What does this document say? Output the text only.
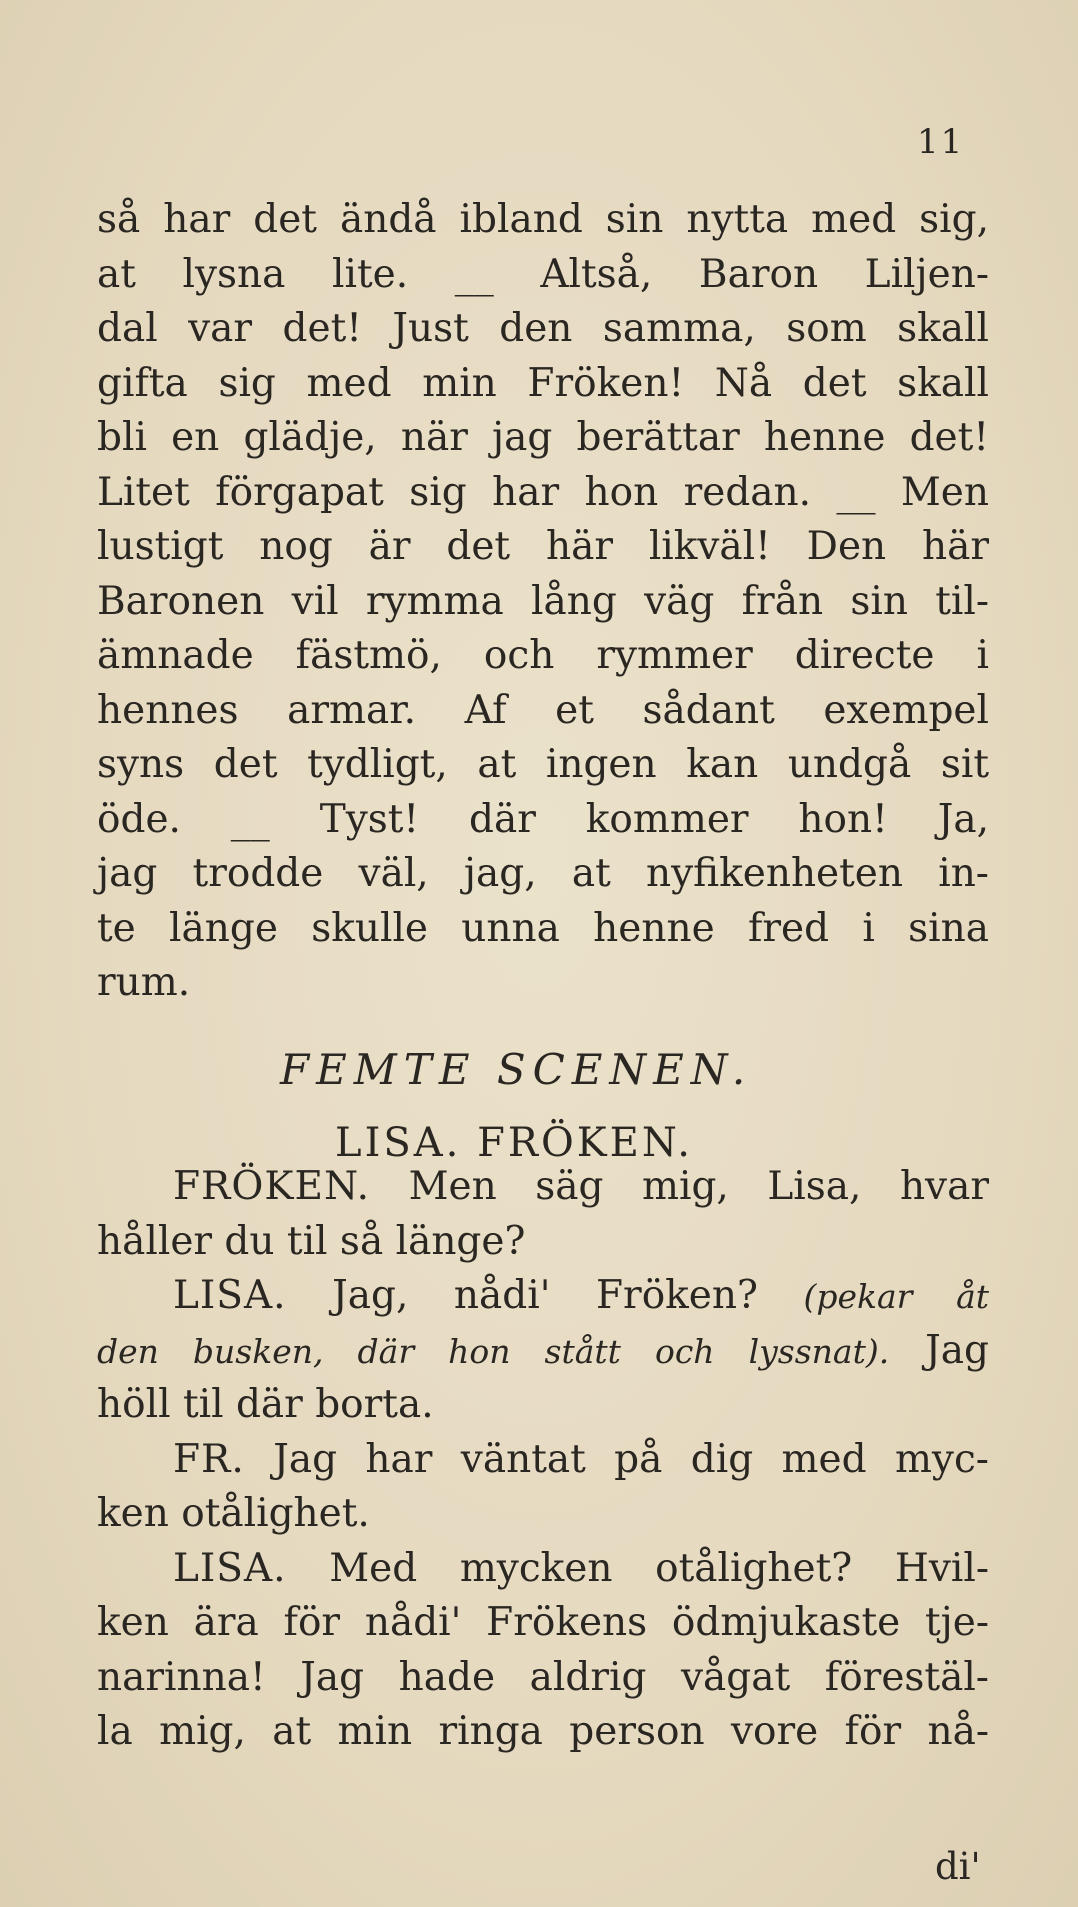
11
så har det ändå ibland sin nytta med sig,
at lysna lite. __ Altså, Baron Liljen-
dal var det! Just den samma, som skall
gifta sig med min Fröken! Nå det skall
bli en glädje, när jag berättar henne det!
Litet förgapat sig har hon redan. __ Men
lustigt nog är det här likväl! Den här
Baronen vil rymma lång väg från sin til-
ämnade fästmö, och rymmer directe i
hennes armar. Af et sådant exempel
syns det tydligt, at ingen kan undgå sit
öde. __ Tyst! där kommer hon! Ja,
jag trodde väl, jag, at nyfikenheten in-
te länge skulle unna henne fred i sina
rum.
FEMTE SCENEN.
LISA. FRÖKEN.
FRÖKEN. Men säg mig, Lisa, hvar
håller du til så länge?
LISA. Jag, nådi' Fröken? (pekar åt
den busken, där hon stått och lyssnat). Jag
höll til där borta.
FR. Jag har väntat på dig med myc-
ken otålighet.
LISA. Med mycken otålighet? Hvil-
ken ära för nådi' Frökens ödmjukaste tje-
narinna! Jag hade aldrig vågat förestäl-
la mig, at min ringa person vore för nå-
di'
